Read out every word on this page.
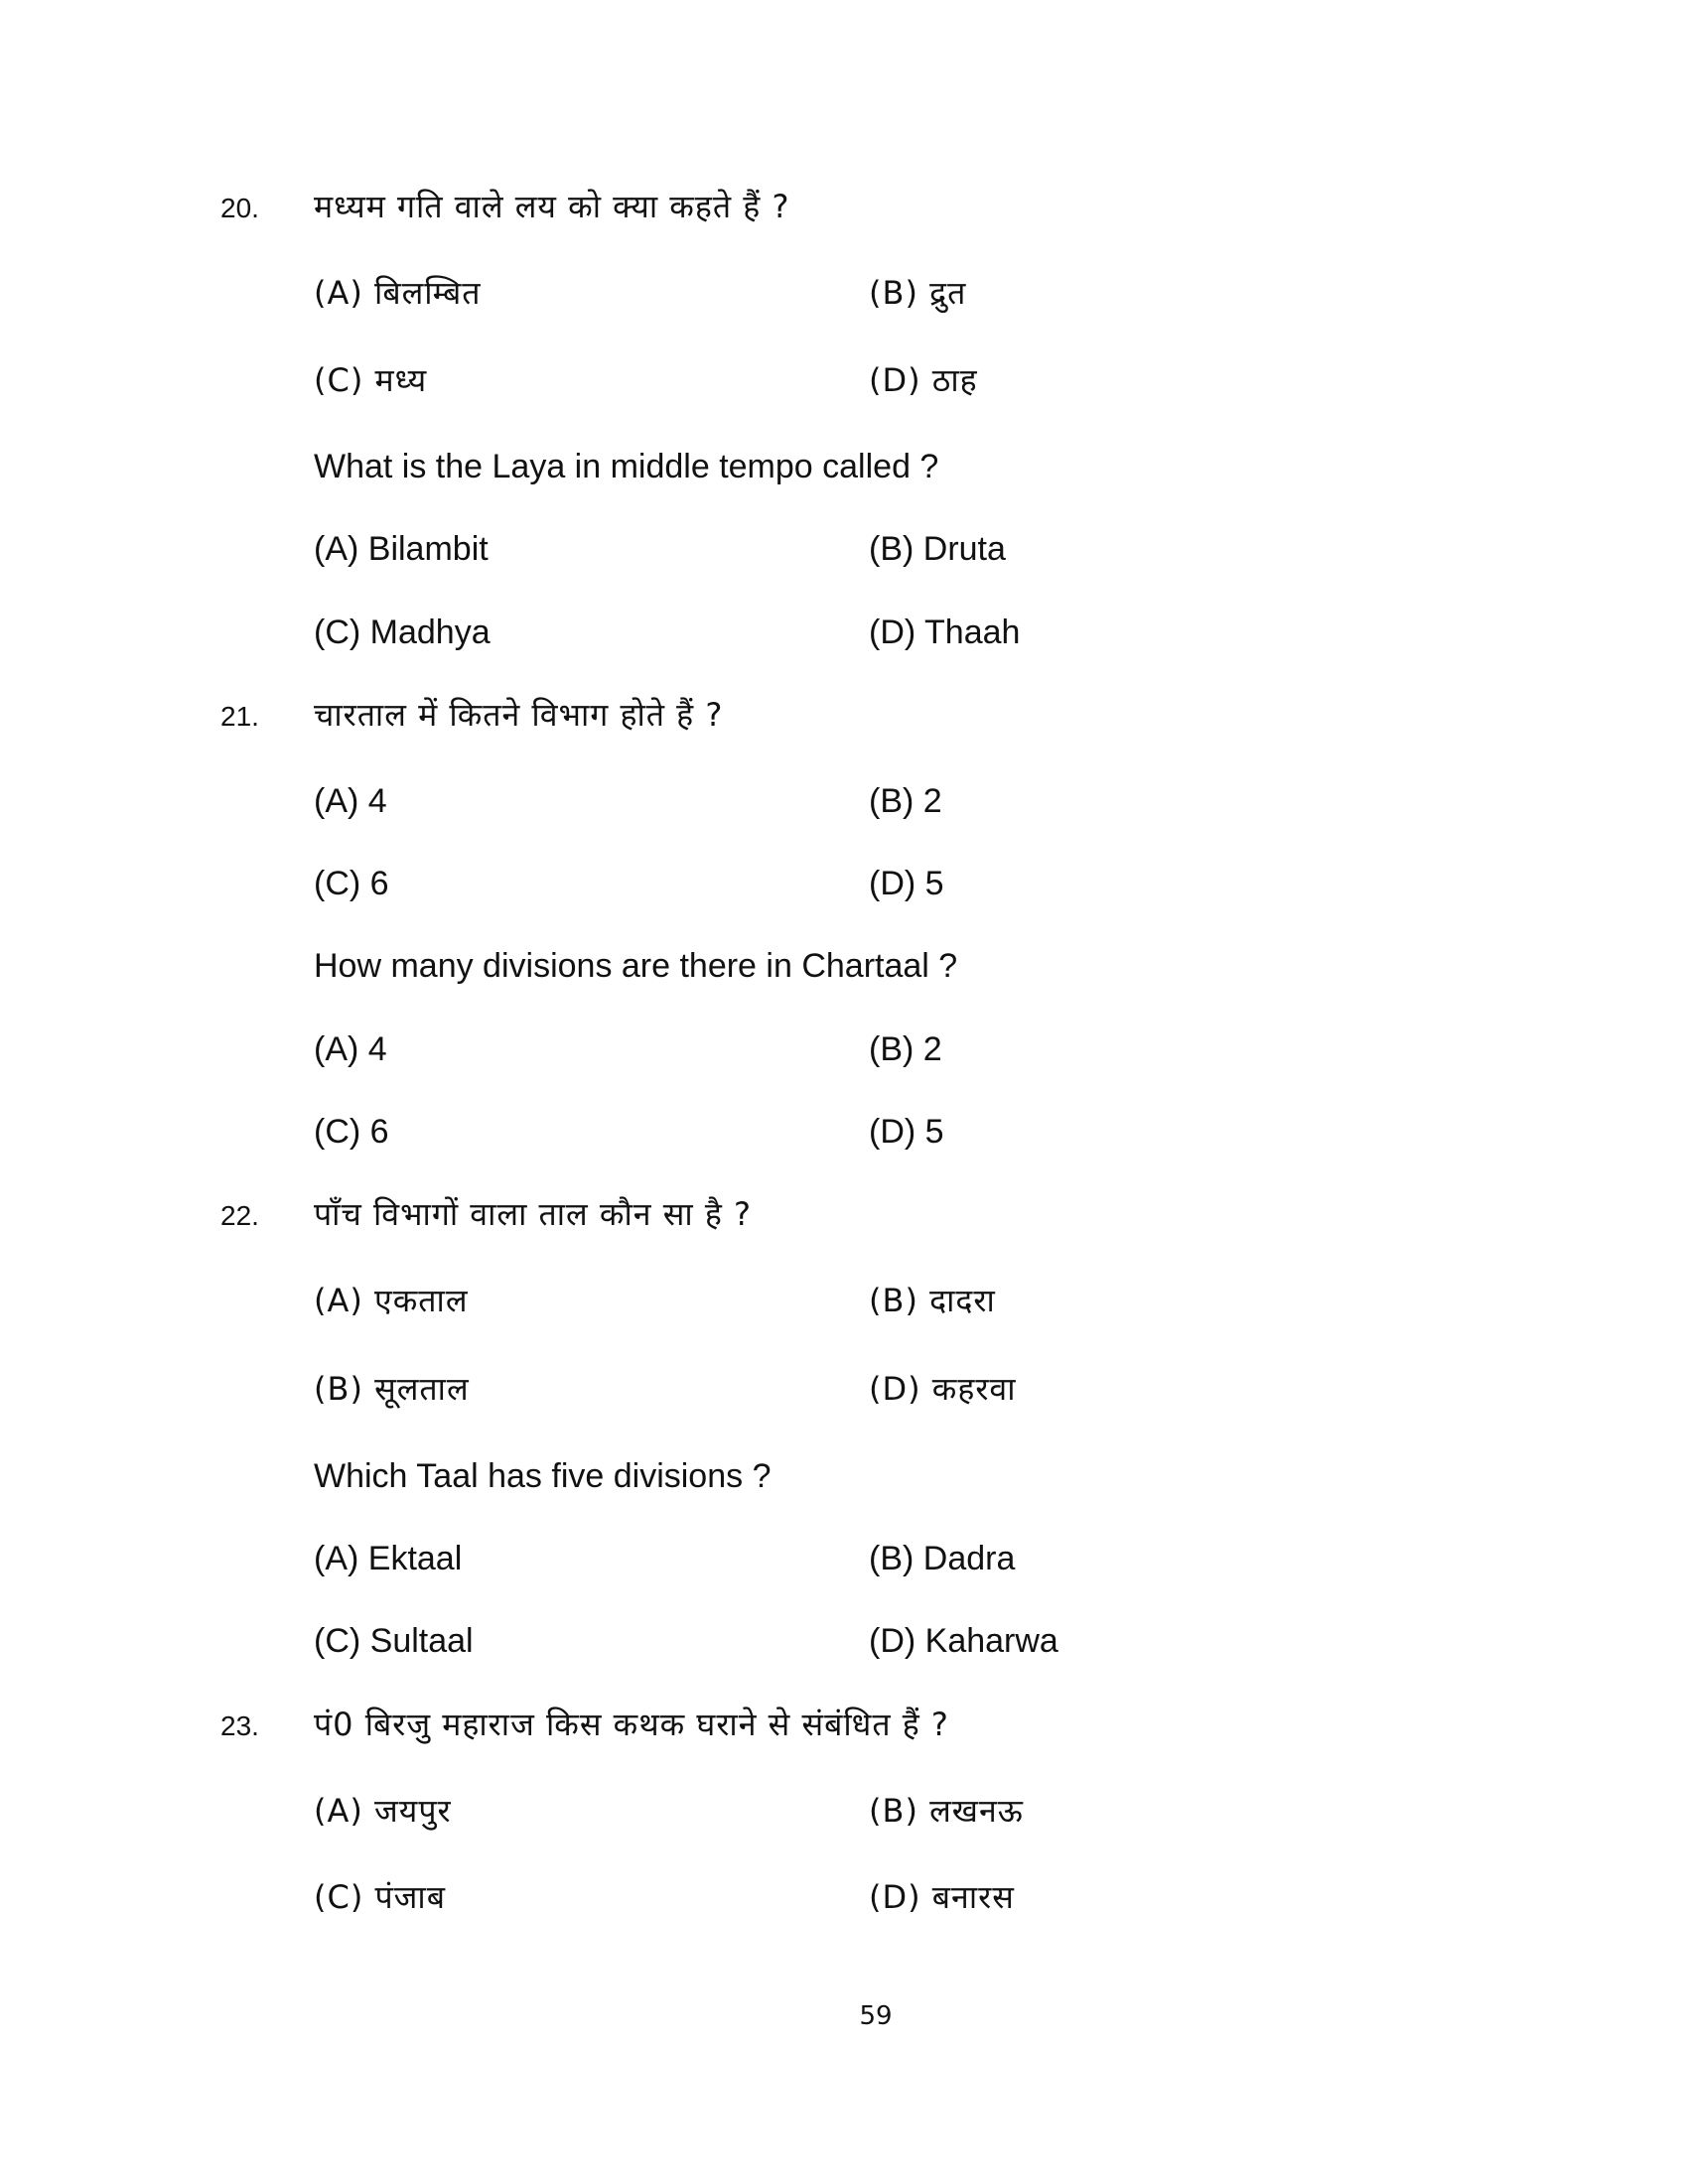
20. मध्यम गति वाले लय को क्या कहते हैं ?
(A) बिलम्बित	(B) द्रुत
(C) मध्य	(D) ठाह
What is the Laya in middle tempo called ?
(A) Bilambit	(B) Druta
(C) Madhya	(D) Thaah
21. चारताल में कितने विभाग होते हैं ?
(A) 4	(B) 2
(C) 6	(D) 5
How many divisions are there in Chartaal ?
(A) 4	(B) 2
(C) 6	(D) 5
22. पाँच विभागों वाला ताल कौन सा है ?
(A) एकताल	(B) दादरा
(B) सूलताल	(D) कहरवा
Which Taal has five divisions ?
(A) Ektaal	(B) Dadra
(C) Sultaal	(D) Kaharwa
23. पं0 बिरजु महाराज किस कथक घराने से संबंधित हैं ?
(A) जयपुर	(B) लखनऊ
(C) पंजाब	(D) बनारस
59
